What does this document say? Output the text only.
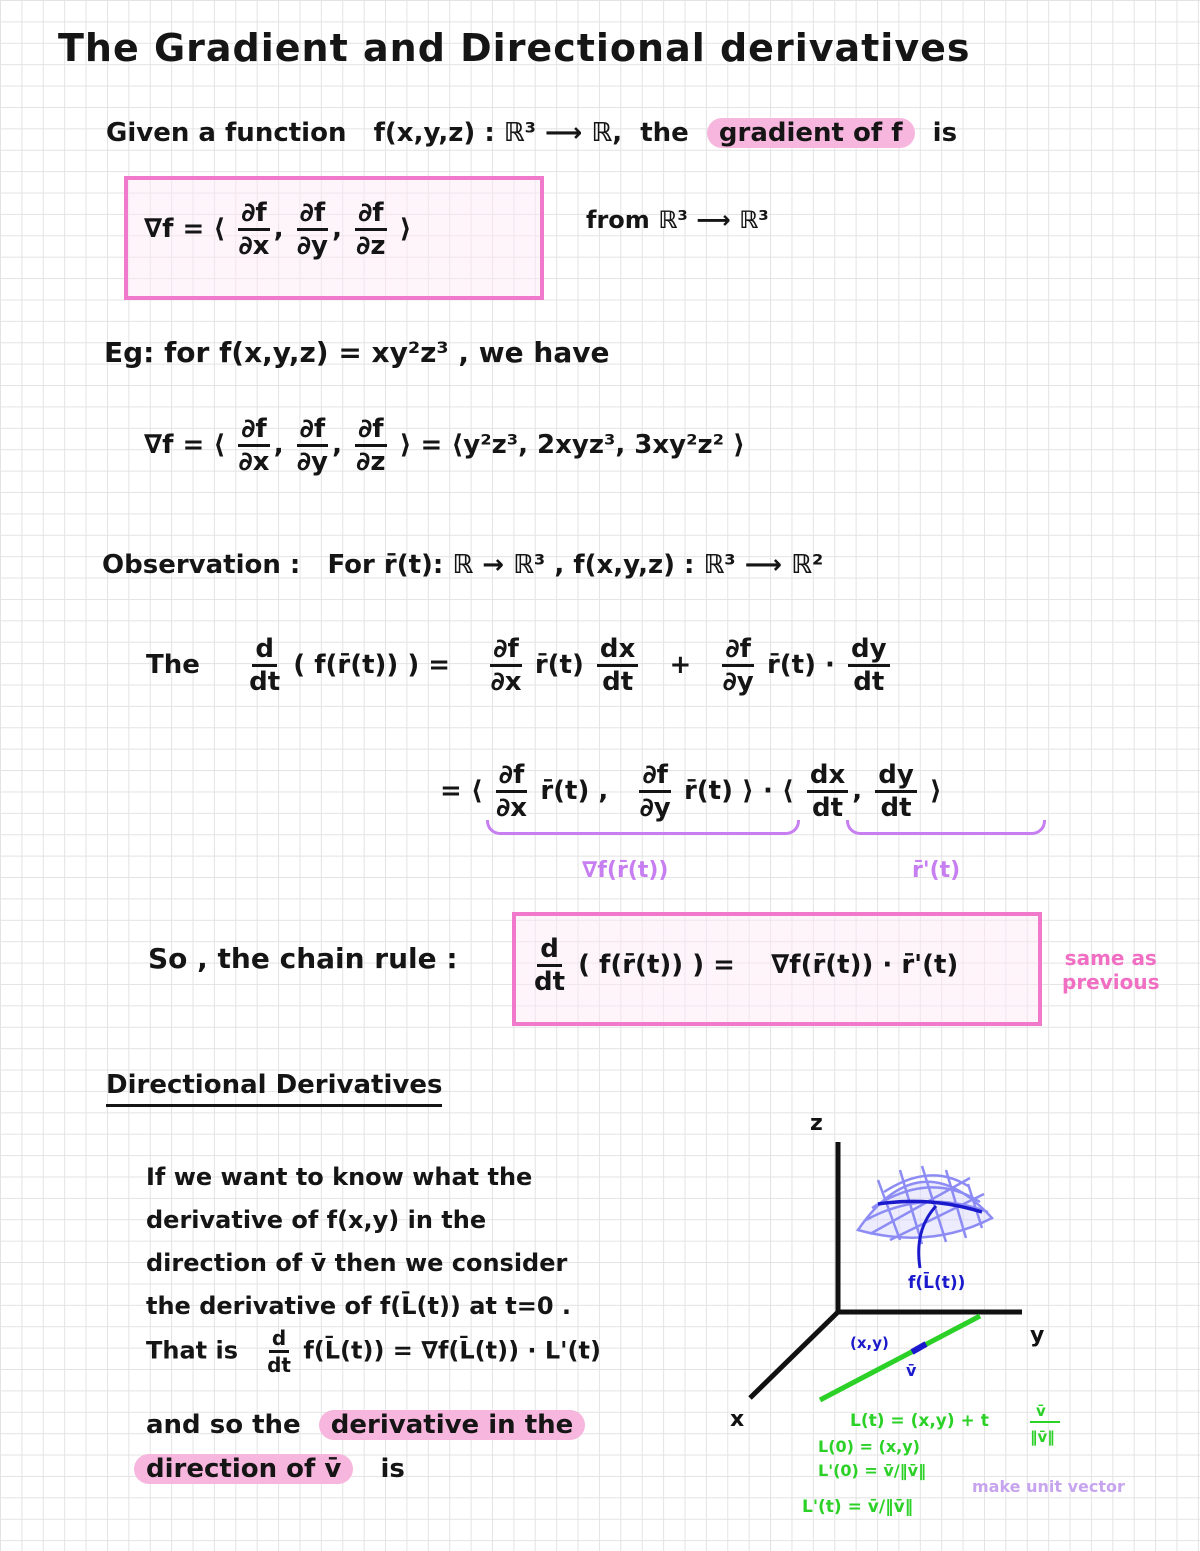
The Gradient and Directional derivatives
Given a function f(x,y,z) : ℝ³ ⟶ ℝ, the gradient of f is
∇f = ⟨ $\frac{\partial f}{\partial x}$ , $\frac{\partial f}{\partial y}$ , $\frac{\partial f}{\partial z}$ ⟩	from ℝ³ ⟶ ℝ³
Eg: for f(x,y,z) = xy²z³ , we have
∇f = ⟨ $\frac{\partial f}{\partial x}$ , $\frac{\partial f}{\partial y}$ , $\frac{\partial f}{\partial z}$ ⟩ = ⟨y²z³, 2xyz³, 3xy²z² ⟩
Observation : For r̄(t): ℝ → ℝ³ , f(x,y,z) : ℝ³ ⟶ ℝ²
The $\frac{d}{dt}$ ( f(r̄(t)) ) = $\frac{\partial f}{\partial x}$ r̄(t) $\frac{dx}{dt} + \frac{\partial f}{\partial y}$ r̄(t) · $\frac{dy}{dt}$
= ⟨ $\frac{\partial f}{\partial x}$ r̄(t) , $\frac{\partial f}{\partial y}$ r̄(t) ⟩ · ⟨ $\frac{dx}{dt}$ , $\frac{dy}{dt}$ ⟩
∇f(r̄(t))	r̄'(t)
So , the chain rule :	$\frac{d}{dt}$ ( f(r̄(t)) ) = ∇f(r̄(t)) · r̄'(t)	same as
previous
Directional Derivatives
If we want to know what the
derivative of f(x,y) in the
direction of v̄ then we consider
the derivative of f(L̄(t)) at t=0 .
That is $\frac{d}{dt}$ f(L̄(t)) = ∇f(L̄(t)) · L'(t)
and so the derivative in the
direction of v̄ is
z
y
x
f(L̄(t))
(x,y)
v̄
L(t) = (x,y) + t	v̄
‖v̄‖
L(0) = (x,y)
L'(0) = v̄/‖v̄‖
L'(t) = v̄/‖v̄‖
make unit vector
